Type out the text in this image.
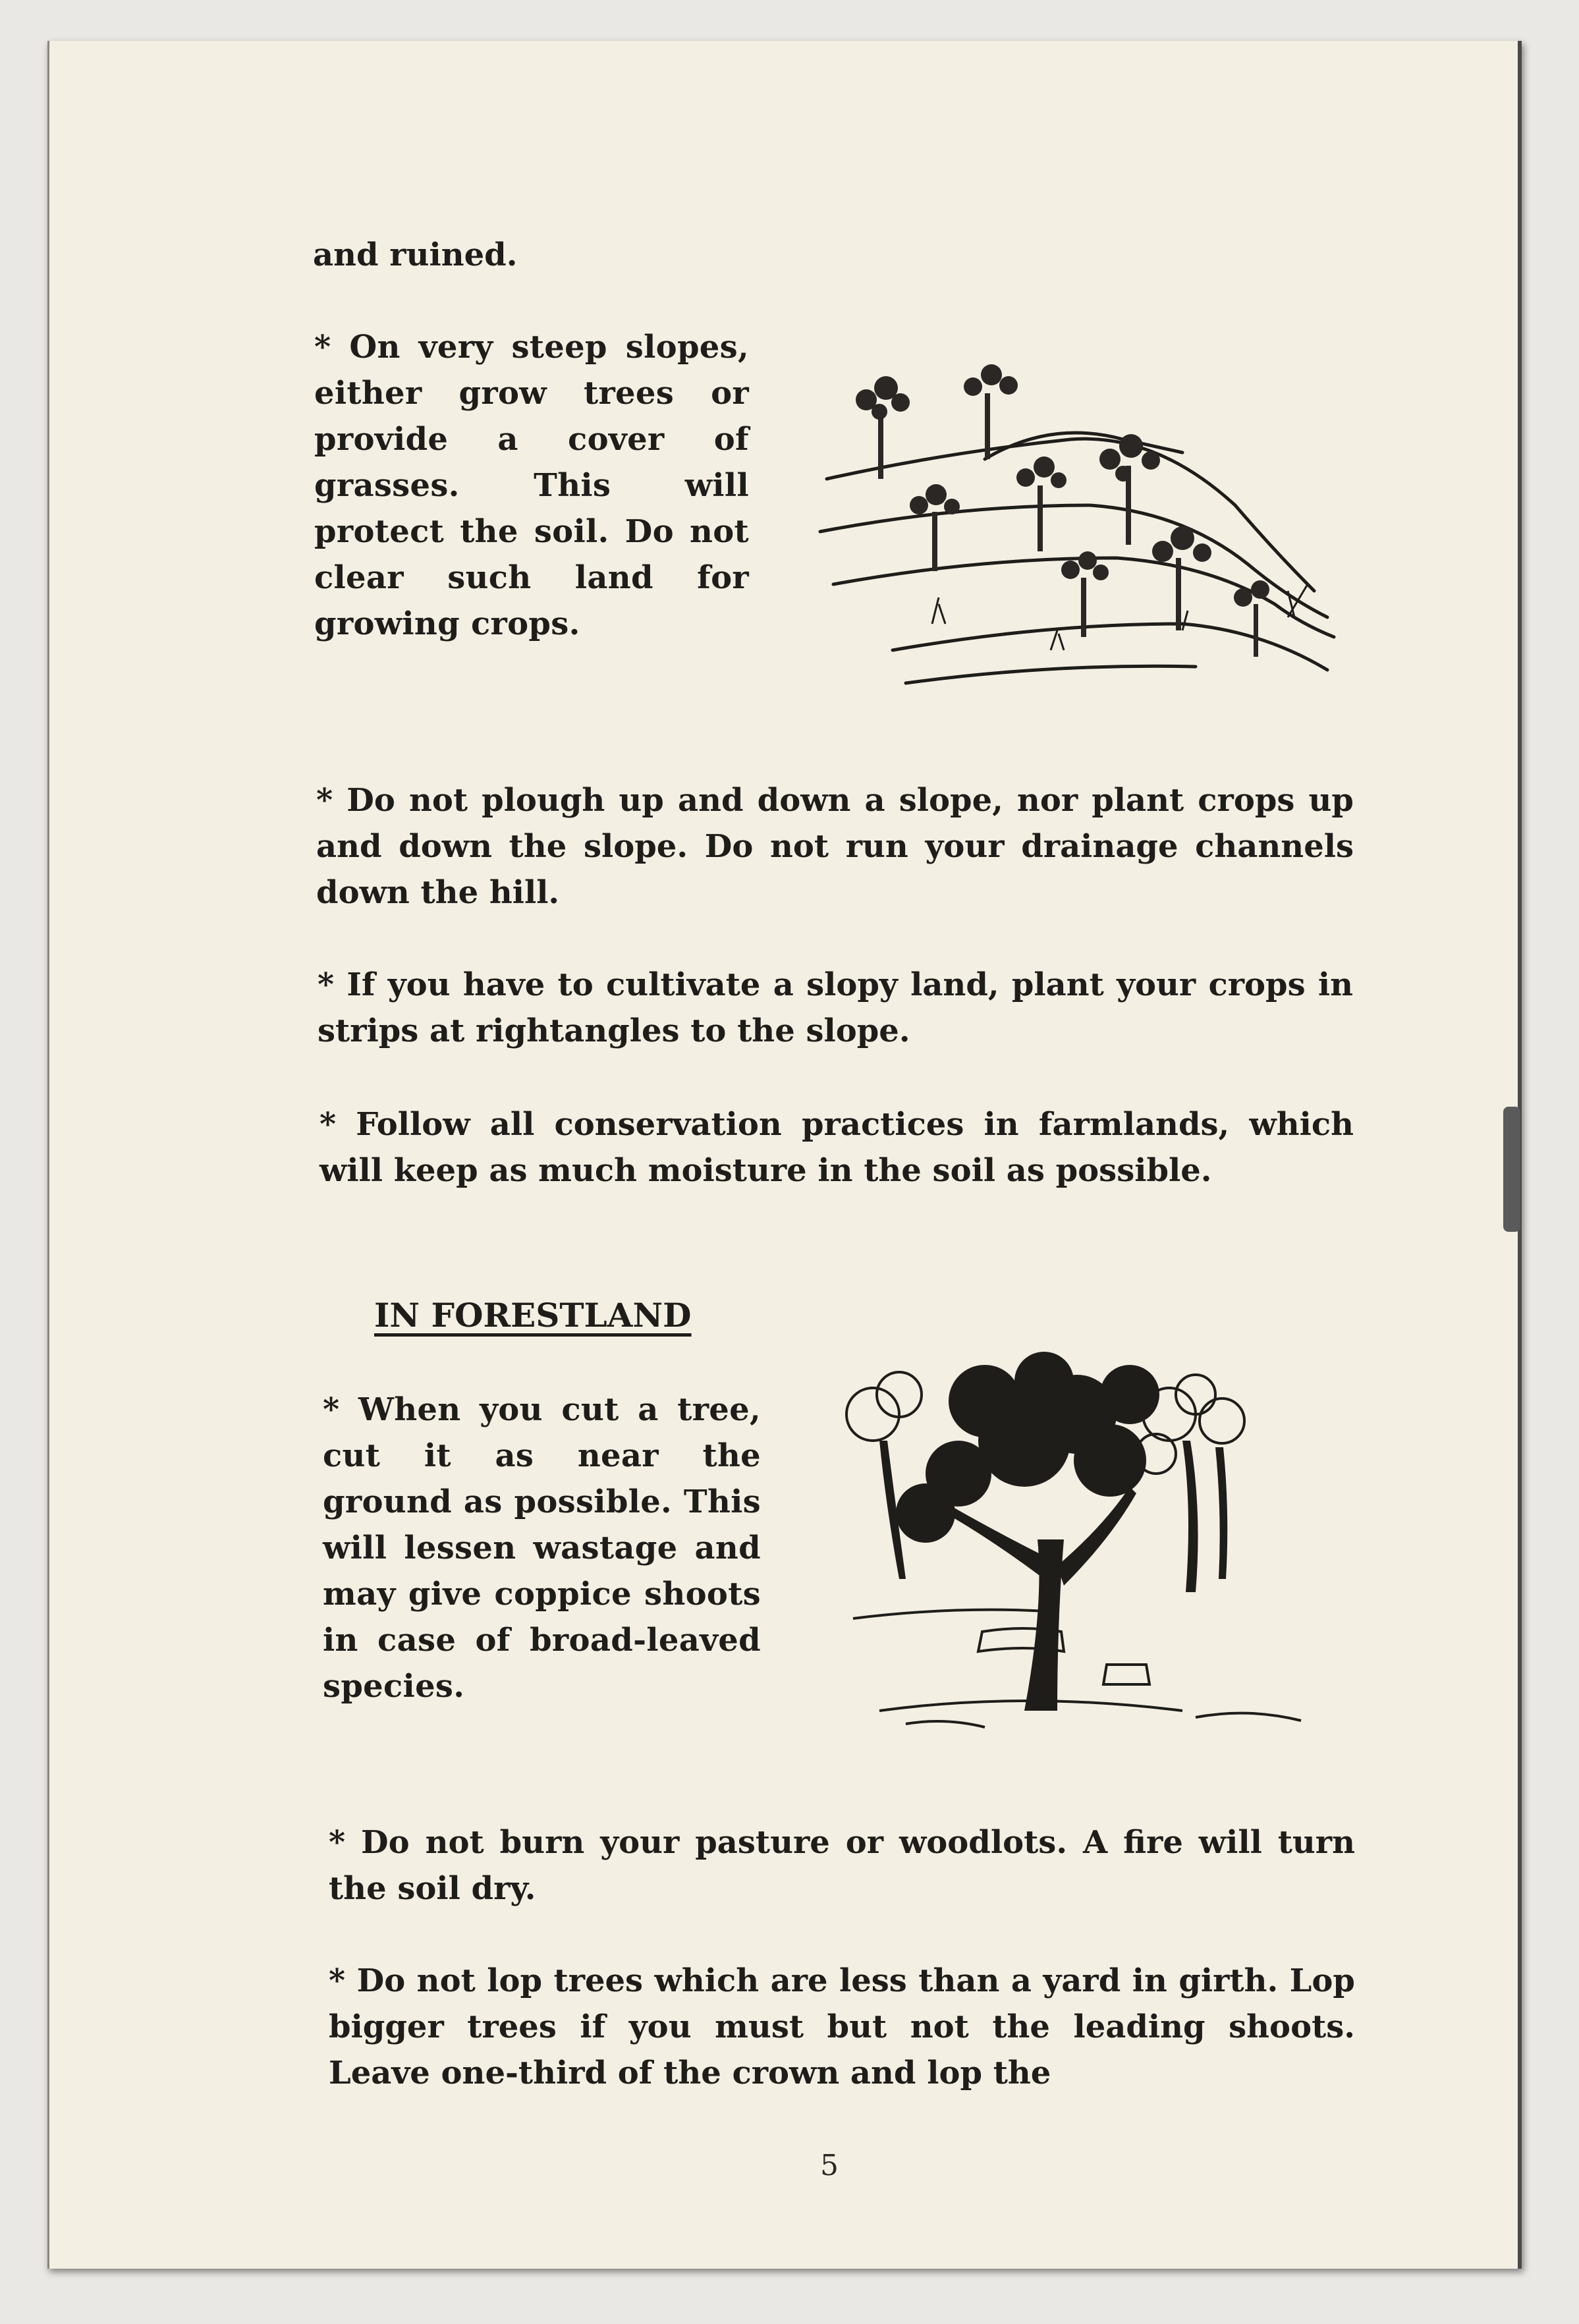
and ruined.

* On very steep slopes, either grow trees or provide a cover of grasses. This will protect the soil. Do not clear such land for growing crops.

* Do not plough up and down a slope, nor plant crops up and down the slope. Do not run your drainage channels down the hill.

* If you have to cultivate a slopy land, plant your crops in strips at rightangles to the slope.

* Follow all conservation practices in farmlands, which will keep as much moisture in the soil as possible.

IN FORESTLAND

* When you cut a tree, cut it as near the ground as possible. This will lessen wastage and may give coppice shoots in case of broad-leaved species.

* Do not burn your pasture or woodlots. A fire will turn the soil dry.

* Do not lop trees which are less than a yard in girth. Lop bigger trees if you must but not the leading shoots. Leave one-third of the crown and lop the

5
